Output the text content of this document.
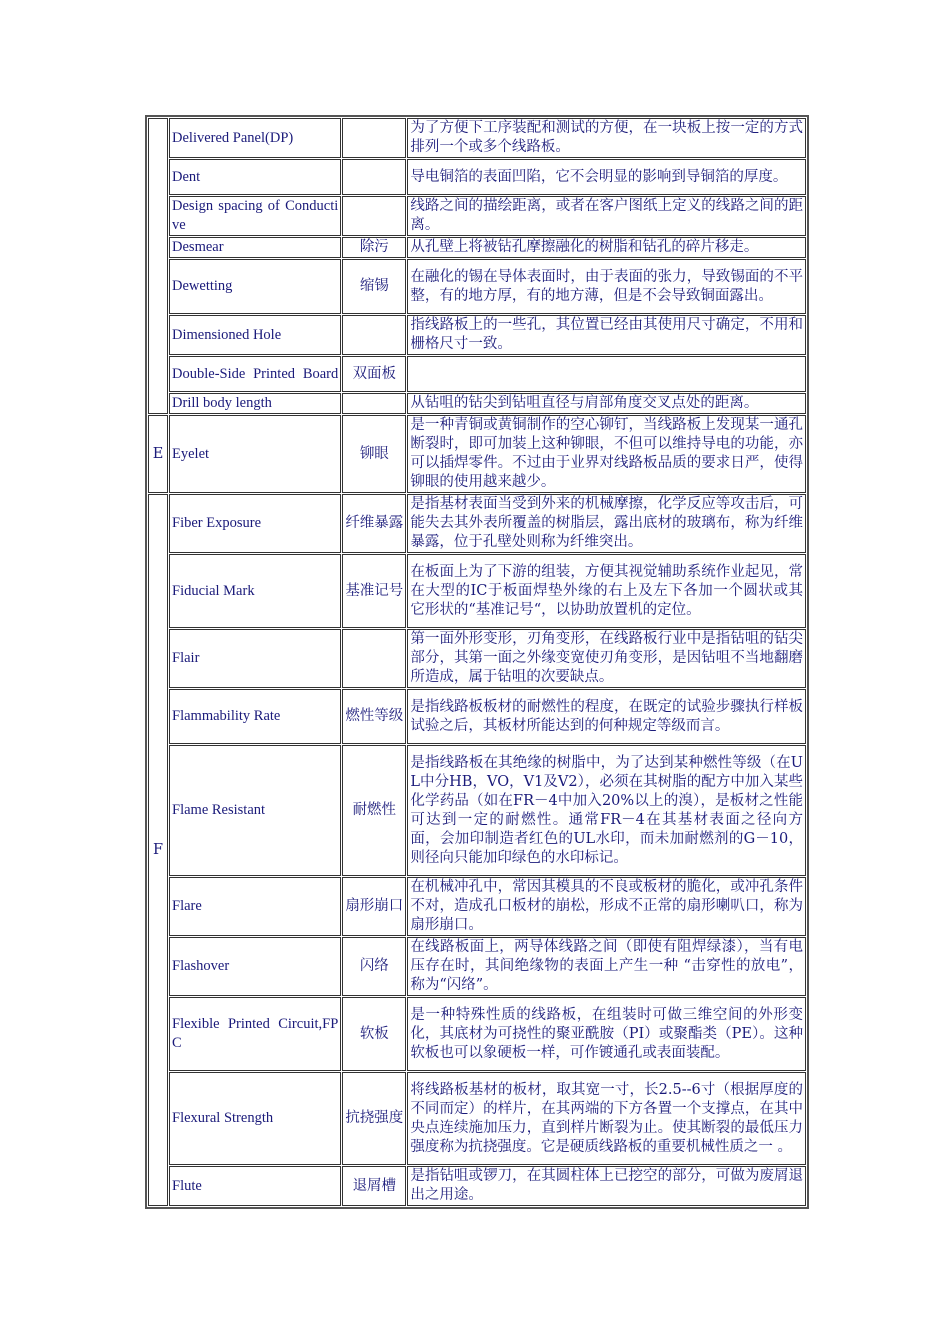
	Delivered Panel(DP)		为了方便下工序装配和测试的方便，在一块板上按一定的方式排列一个或多个线路板。
	Dent		导电铜箔的表面凹陷，它不会明显的影响到导铜箔的厚度。
	Design spacing of Conductive		线路之间的描绘距离，或者在客户图纸上定义的线路之间的距离。
	Desmear	除污	从孔壁上将被钻孔摩擦融化的树脂和钻孔的碎片移走。
	Dewetting	缩锡	在融化的锡在导体表面时，由于表面的张力，导致锡面的不平整，有的地方厚，有的地方薄，但是不会导致铜面露出。
	Dimensioned Hole		指线路板上的一些孔，其位置已经由其使用尺寸确定，不用和栅格尺寸一致。
	Double-Side Printed Board	双面板	
	Drill body length		从钻咀的钻尖到钻咀直径与肩部角度交叉点处的距离。
E	Eyelet	铆眼	是一种青铜或黄铜制作的空心铆钉，当线路板上发现某一通孔断裂时，即可加装上这种铆眼，不但可以维持导电的功能，亦可以插焊零件。不过由于业界对线路板品质的要求日严，使得铆眼的使用越来越少。
F	Fiber Exposure	纤维暴露	是指基材表面当受到外来的机械摩擦，化学反应等攻击后，可能失去其外表所覆盖的树脂层，露出底材的玻璃布，称为纤维暴露，位于孔壁处则称为纤维突出。
	Fiducial Mark	基准记号	在板面上为了下游的组装，方便其视觉辅助系统作业起见，常在大型的IC于板面焊垫外缘的右上及左下各加一个圆状或其它形状的“基准记号“，以协助放置机的定位。
	Flair		第一面外形变形，刃角变形，在线路板行业中是指钻咀的钻尖部分，其第一面之外缘变宽使刃角变形，是因钻咀不当地翻磨所造成，属于钻咀的次要缺点。
	Flammability Rate	燃性等级	是指线路板板材的耐燃性的程度，在既定的试验步骤执行样板试验之后，其板材所能达到的何种规定等级而言。
	Flame Resistant	耐燃性	是指线路板在其绝缘的树脂中，为了达到某种燃性等级（在UL中分HB，VO，V1及V2），必须在其树脂的配方中加入某些化学药品（如在FR－4中加入20%以上的溴），是板材之性能可达到一定的耐燃性。通常FR－4在其基材表面之径向方面，会加印制造者红色的UL水印，而未加耐燃剂的G－10，则径向只能加印绿色的水印标记。
	Flare	扇形崩口	在机械冲孔中，常因其模具的不良或板材的脆化，或冲孔条件不对，造成孔口板材的崩松，形成不正常的扇形喇叭口，称为扇形崩口。
	Flashover	闪络	在线路板面上，两导体线路之间（即使有阻焊绿漆），当有电压存在时，其间绝缘物的表面上产生一种 “击穿性的放电”，称为“闪络”。
	Flexible Printed Circuit,FPC	软板	是一种特殊性质的线路板，在组装时可做三维空间的外形变化，其底材为可挠性的聚亚酰胺（PI）或聚酯类（PE）。这种软板也可以象硬板一样，可作镀通孔或表面装配。
	Flexural Strength	抗挠强度	将线路板基材的板材，取其宽一寸，长2.5--6寸（根据厚度的不同而定）的样片，在其两端的下方各置一个支撑点，在其中央点连续施加压力，直到样片断裂为止。使其断裂的最低压力强度称为抗挠强度。它是硬质线路板的重要机械性质之一 。
	Flute	退屑槽	是指钻咀或锣刀，在其圆柱体上已挖空的部分，可做为废屑退出之用途。
